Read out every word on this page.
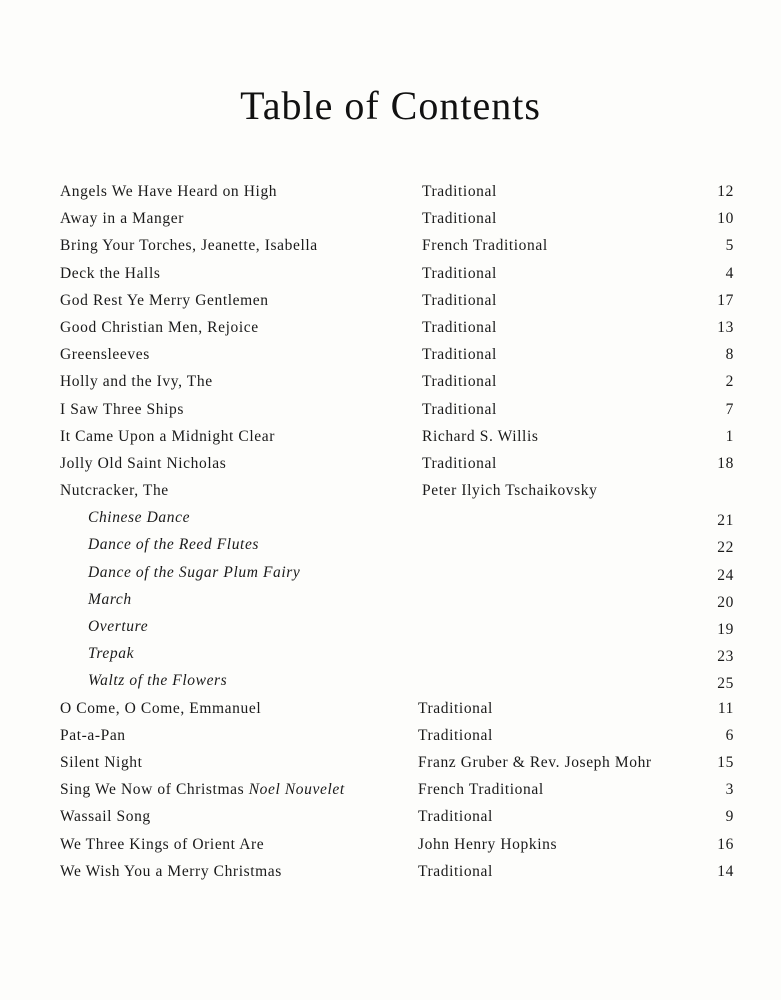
Table of Contents
Angels We Have Heard on High	Traditional	12
Away in a Manger	Traditional	10
Bring Your Torches, Jeanette, Isabella	French Traditional	5
Deck the Halls	Traditional	4
God Rest Ye Merry Gentlemen	Traditional	17
Good Christian Men, Rejoice	Traditional	13
Greensleeves	Traditional	8
Holly and the Ivy, The	Traditional	2
I Saw Three Ships	Traditional	7
It Came Upon a Midnight Clear	Richard S. Willis	1
Jolly Old Saint Nicholas	Traditional	18
Nutcracker, The	Peter Ilyich Tschaikovsky
Chinese Dance	21
Dance of the Reed Flutes	22
Dance of the Sugar Plum Fairy	24
March	20
Overture	19
Trepak	23
Waltz of the Flowers	25
O Come, O Come, Emmanuel	Traditional	11
Pat-a-Pan	Traditional	6
Silent Night	Franz Gruber & Rev. Joseph Mohr	15
Sing We Now of Christmas Noel Nouvelet	French Traditional	3
Wassail Song	Traditional	9
We Three Kings of Orient Are	John Henry Hopkins	16
We Wish You a Merry Christmas	Traditional	14
